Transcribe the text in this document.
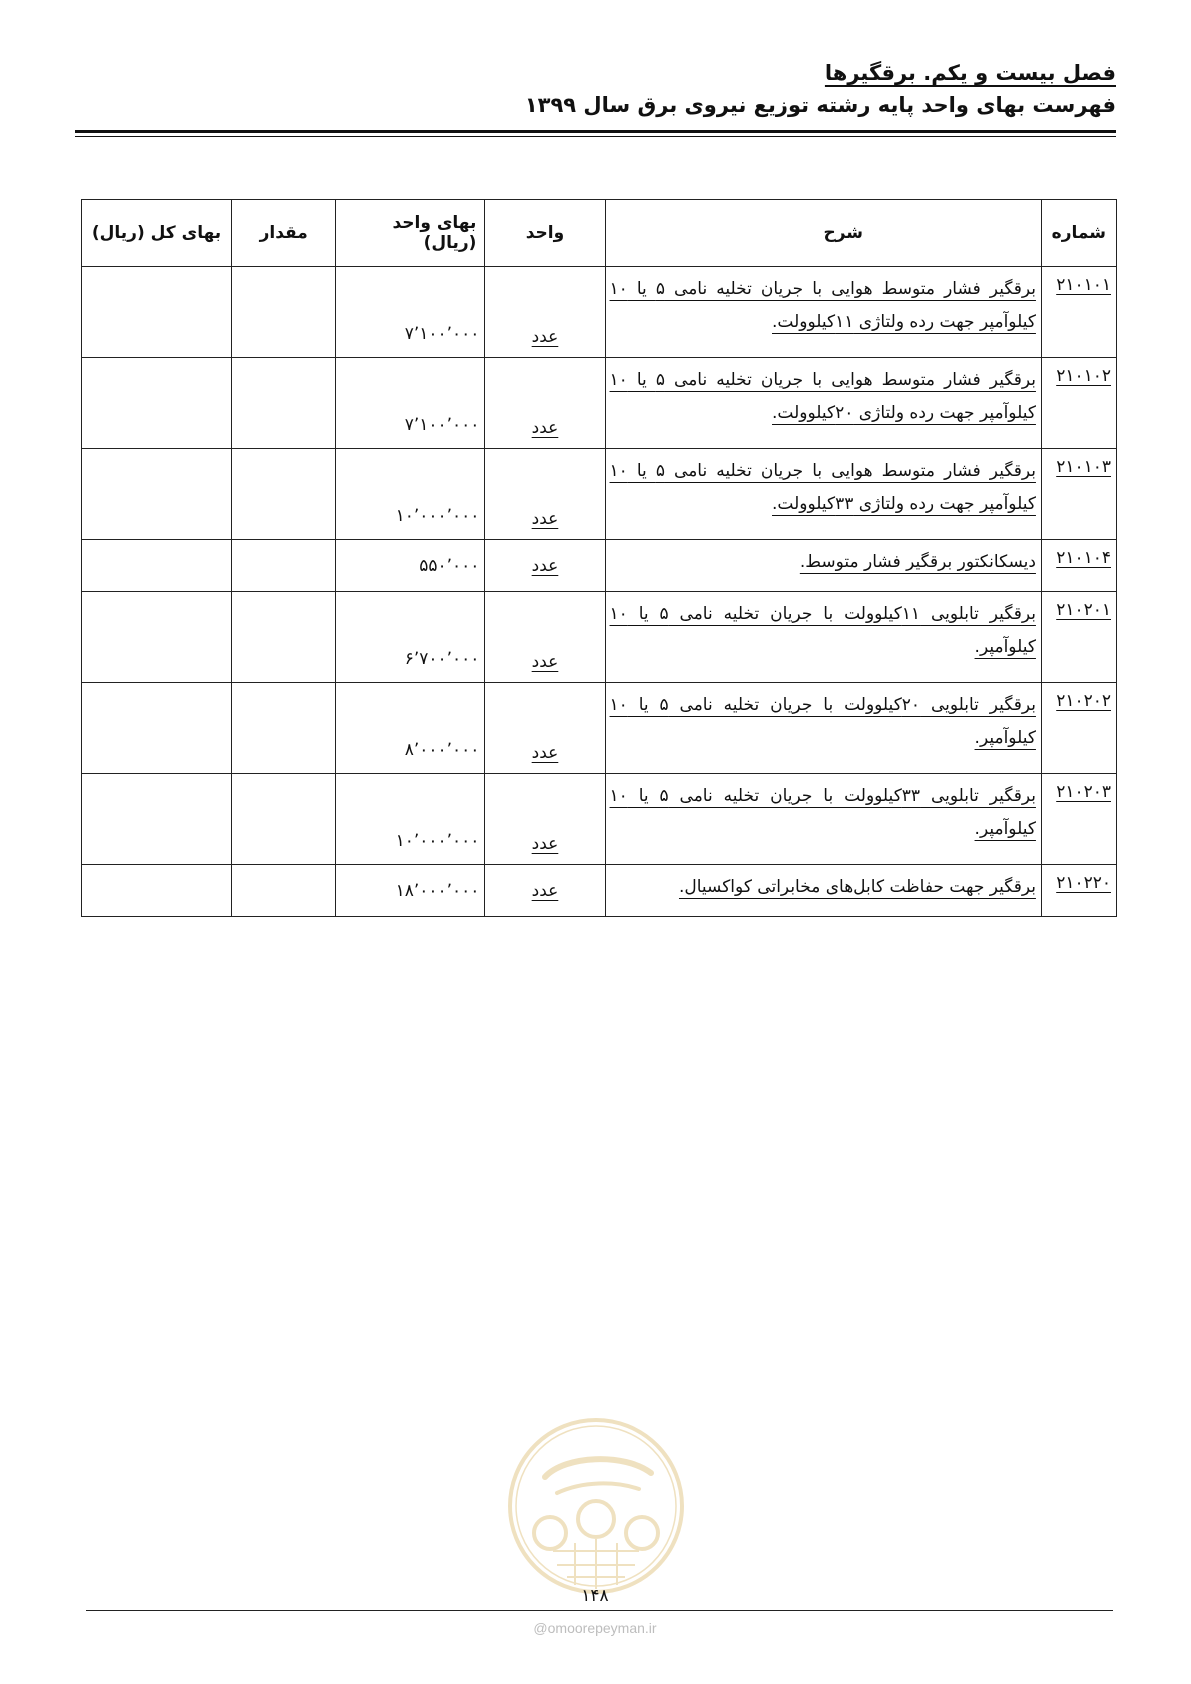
فصل بیست و یکم. برقگیرها
فهرست بهای واحد پایه رشته توزیع نیروی برق سال ۱۳۹۹
شماره	شرح	واحد	بهای واحد (ریال)	مقدار	بهای کل (ریال)
۲۱۰۱۰۱	برقگیر فشار متوسط هوایی با جریان تخلیه نامی ۵ یا ۱۰ کیلوآمپر جهت رده ولتاژی ۱۱کیلوولت.	عدد	۷٬۱۰۰٬۰۰۰		
۲۱۰۱۰۲	برقگیر فشار متوسط هوایی با جریان تخلیه نامی ۵ یا ۱۰ کیلوآمپر جهت رده ولتاژی ۲۰کیلوولت.	عدد	۷٬۱۰۰٬۰۰۰		
۲۱۰۱۰۳	برقگیر فشار متوسط هوایی با جریان تخلیه نامی ۵ یا ۱۰ کیلوآمپر جهت رده ولتاژی ۳۳کیلوولت.	عدد	۱۰٬۰۰۰٬۰۰۰		
۲۱۰۱۰۴	دیسکانکتور برقگیر فشار متوسط.	عدد	۵۵۰٬۰۰۰		
۲۱۰۲۰۱	برقگیر تابلویی ۱۱کیلوولت با جریان تخلیه نامی ۵ یا ۱۰ کیلوآمپر.	عدد	۶٬۷۰۰٬۰۰۰		
۲۱۰۲۰۲	برقگیر تابلویی ۲۰کیلوولت با جریان تخلیه نامی ۵ یا ۱۰ کیلوآمپر.	عدد	۸٬۰۰۰٬۰۰۰		
۲۱۰۲۰۳	برقگیر تابلویی ۳۳کیلوولت با جریان تخلیه نامی ۵ یا ۱۰ کیلوآمپر.	عدد	۱۰٬۰۰۰٬۰۰۰		
۲۱۰۲۲۰	برقگیر جهت حفاظت کابل‌های مخابراتی کواکسیال.	عدد	۱۸٬۰۰۰٬۰۰۰		
۱۴۸
@omoorepeyman.ir
